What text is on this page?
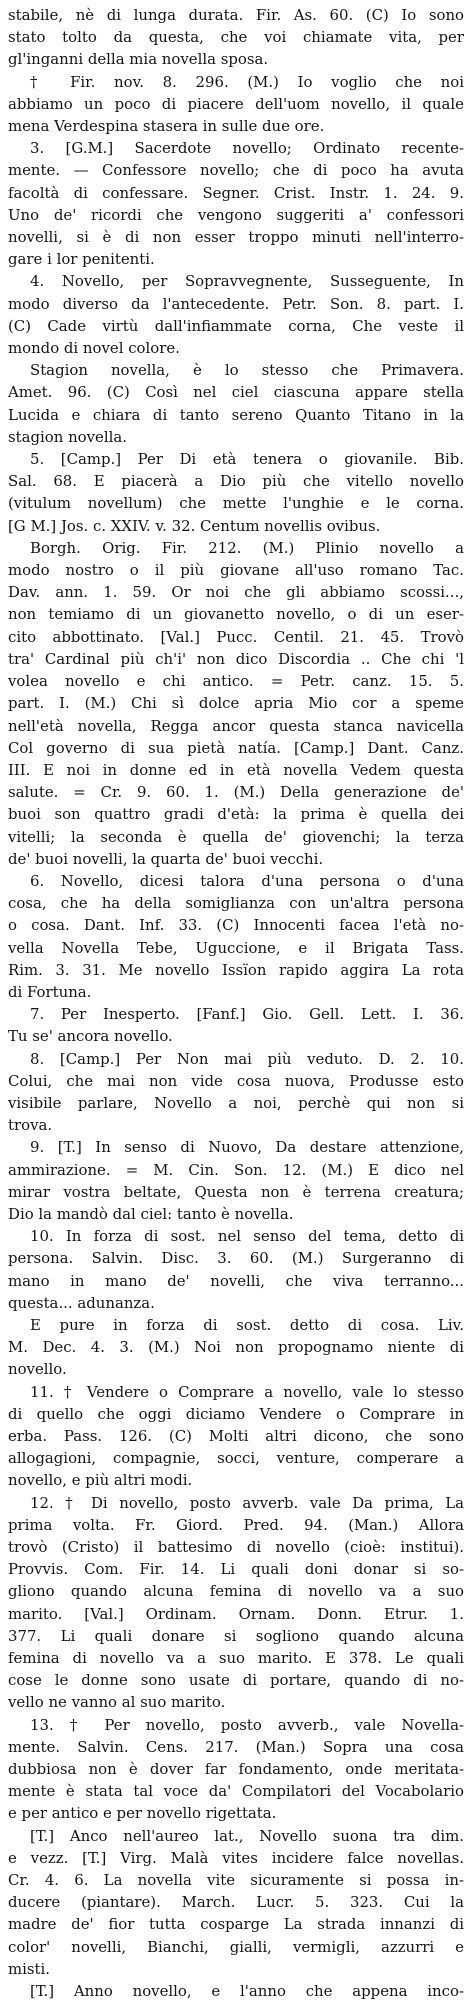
stabile, nè di lunga durata. Fir. As. 60. (C) Io sono
stato tolto da questa, che voi chiamate vita, per
gl'inganni della mia novella sposa.
† Fir. nov. 8. 296. (M.) Io voglio che noi
abbiamo un poco di piacere dell'uom novello, il quale
mena Verdespina stasera in sulle due ore.
3. [G.M.] Sacerdote novello; Ordinato recente-
mente. — Confessore novello; che di poco ha avuta
facoltà di confessare. Segner. Crist. Instr. 1. 24. 9.
Uno de' ricordi che vengono suggeriti a' confessori
novelli, si è di non esser troppo minuti nell'interro-
gare i lor penitenti.
4. Novello, per Sopravvegnente, Susseguente, In
modo diverso da l'antecedente. Petr. Son. 8. part. I.
(C) Cade virtù dall'infiammate corna, Che veste il
mondo di novel colore.
Stagion novella, è lo stesso che Primavera.
Amet. 96. (C) Così nel ciel ciascuna appare stella
Lucida e chiara di tanto sereno Quanto Titano in la
stagion novella.
5. [Camp.] Per Di età tenera o giovanile. Bib.
Sal. 68. E piacerà a Dio più che vitello novello
(vitulum novellum) che mette l'unghie e le corna.
[G M.] Jos. c. XXIV. v. 32. Centum novellis ovibus.
Borgh. Orig. Fir. 212. (M.) Plinio novello a
modo nostro o il più giovane all'uso romano Tac.
Dav. ann. 1. 59. Or noi che gli abbiamo scossi...,
non temiamo di un giovanetto novello, o di un eser-
cito abbottinato. [Val.] Pucc. Centil. 21. 45. Trovò
tra' Cardinal più ch'i' non dico Discordia .. Che chi 'l
volea novello e chi antico. = Petr. canz. 15. 5.
part. I. (M.) Chi sì dolce apria Mio cor a speme
nell'età novella, Regga ancor questa stanca navicella
Col governo di sua pietà natía. [Camp.] Dant. Canz.
III. E noi in donne ed in età novella Vedem questa
salute. = Cr. 9. 60. 1. (M.) Della generazione de'
buoi son quattro gradi d'età: la prima è quella dei
vitelli; la seconda è quella de' giovenchi; la terza
de' buoi novelli, la quarta de' buoi vecchi.
6. Novello, dicesi talora d'una persona o d'una
cosa, che ha della somiglianza con un'altra persona
o cosa. Dant. Inf. 33. (C) Innocenti facea l'età no-
vella Novella Tebe, Uguccione, e il Brigata Tass.
Rim. 3. 31. Me novello Issïon rapido aggira La rota
di Fortuna.
7. Per Inesperto. [Fanf.] Gio. Gell. Lett. I. 36.
Tu se' ancora novello.
8. [Camp.] Per Non mai più veduto. D. 2. 10.
Colui, che mai non vide cosa nuova, Produsse esto
visibile parlare, Novello a noi, perchè qui non si
trova.
9. [T.] In senso di Nuovo, Da destare attenzione,
ammirazione. = M. Cin. Son. 12. (M.) E dico nel
mirar vostra beltate, Questa non è terrena creatura;
Dio la mandò dal ciel: tanto è novella.
10. In forza di sost. nel senso del tema, detto di
persona. Salvin. Disc. 3. 60. (M.) Surgeranno di
mano in mano de' novelli, che viva terranno...
questa... adunanza.
E pure in forza di sost. detto di cosa. Liv.
M. Dec. 4. 3. (M.) Noi non propognamo niente di
novello.
11. † Vendere o Comprare a novello, vale lo stesso
di quello che oggi diciamo Vendere o Comprare in
erba. Pass. 126. (C) Molti altri dicono, che sono
allogagioni, compagnie, socci, venture, comperare a
novello, e più altri modi.
12. † Di novello, posto avverb. vale Da prima, La
prima volta. Fr. Giord. Pred. 94. (Man.) Allora
trovò (Cristo) il battesimo di novello (cioè: institui).
Provvis. Com. Fir. 14. Li quali doni donar si so-
gliono quando alcuna femina di novello va a suo
marito. [Val.] Ordinam. Ornam. Donn. Etrur. 1.
377. Li quali donare si sogliono quando alcuna
femina di novello va a suo marito. E 378. Le quali
cose le donne sono usate di portare, quando di no-
vello ne vanno al suo marito.
13. † Per novello, posto avverb., vale Novella-
mente. Salvin. Cens. 217. (Man.) Sopra una cosa
dubbiosa non è dover far fondamento, onde meritata-
mente è stata tal voce da' Compilatori del Vocabolario
e per antico e per novello rigettata.
[T.] Anco nell'aureo lat., Novello suona tra dim.
e vezz. [T.] Virg. Malà vites incidere falce novellas.
Cr. 4. 6. La novella vite sicuramente si possa in-
ducere (piantare). March. Lucr. 5. 323. Cui la
madre de' fior tutta cosparge La strada innanzi di
color' novelli, Bianchi, gialli, vermigli, azzurri e
misti.
[T.] Anno novello, e l'anno che appena inco-
